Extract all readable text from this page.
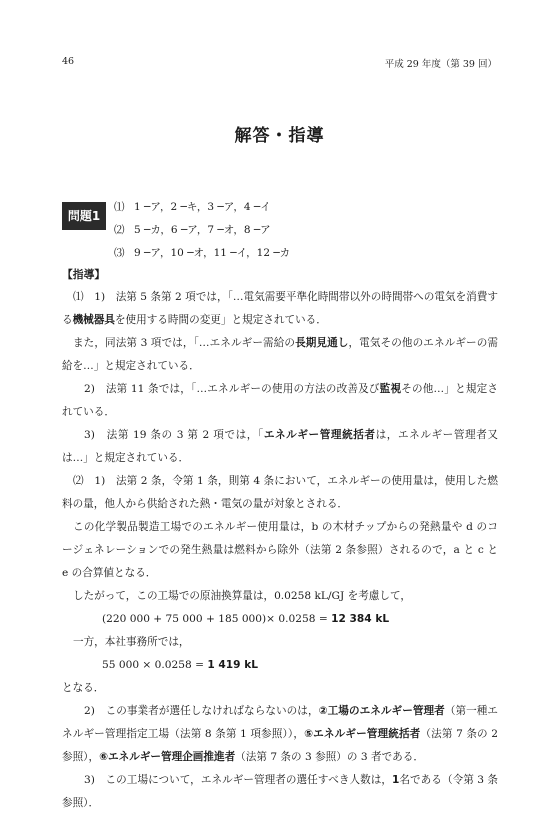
46	平成 29 年度（第 39 回）
解答・指導
問題1
⑴ 1 ─ア，2 ─キ，3 ─ア，4 ─イ
⑵ 5 ─カ，6 ─ア，7 ─オ，8 ─ア
⑶ 9 ─ア，10 ─オ，11 ─イ，12 ─カ

【指導】

⑴　1)　法第 5 条第 2 項では，「…電気需要平準化時間帯以外の時間帯への電気を消費する機械器具を使用する時間の変更」と規定されている．

また，同法第 3 項では，「…エネルギー需給の長期見通し，電気その他のエネルギーの需給を…」と規定されている．

2)　法第 11 条では，「…エネルギーの使用の方法の改善及び監視その他…」と規定されている．

3)　法第 19 条の 3 第 2 項では，「エネルギー管理統括者は，エネルギー管理者又は…」と規定されている．

⑵　1)　法第 2 条，令第 1 条，則第 4 条において，エネルギーの使用量は，使用した燃料の量，他人から供給された熱・電気の量が対象とされる．

この化学製品製造工場でのエネルギー使用量は，b の木材チップからの発熱量や d のコージェネレーションでの発生熱量は燃料から除外（法第 2 条参照）されるので，a と c と e の合算値となる．

したがって，この工場での原油換算量は，0.0258 kL/GJ を考慮して，

(220 000 + 75 000 + 185 000)× 0.0258 = 12 384 kL

一方，本社事務所では，

55 000 × 0.0258 = 1 419 kL

となる．

2)　この事業者が選任しなければならないのは，②工場のエネルギー管理者（第一種エネルギー管理指定工場（法第 8 条第 1 項参照）），⑤エネルギー管理統括者（法第 7 条の 2 参照），⑥エネルギー管理企画推進者（法第 7 条の 3 参照）の 3 者である．

3)　この工場について，エネルギー管理者の選任すべき人数は，1名である（令第 3 条参照）．
